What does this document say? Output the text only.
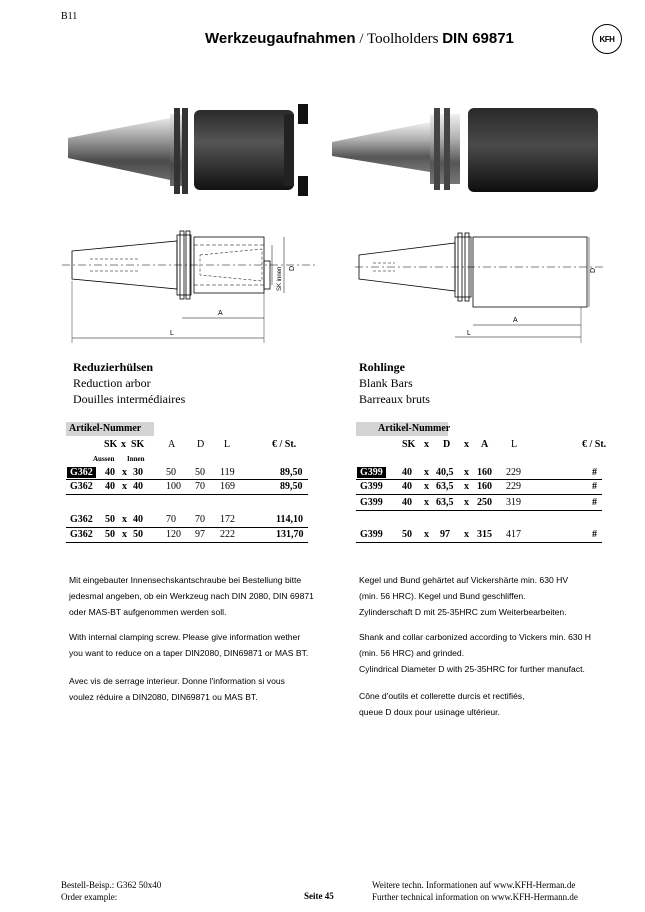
B11
Werkzeugaufnahmen / Toolholders DIN 69871	KFH
A
L
SK innen D
A
L
D
Reduzierhülsen
Reduction arbor
Douilles intermédiaires
Rohlinge
Blank Bars
Barreaux bruts
Artikel-Nummer
SK x SK A D L	€ / St.
Aussen Innen
G362	40 x 30 50 50 119	89,50
G362 40 x 40 100 70 169	89,50
G362 50 x 40 70 70 172	114,10
G362 50 x 50 120 97 222	131,70
Artikel-Nummer
SK x D x A L	€ / St.
G399	40 x 40,5 x 160 229	#
G399 40 x 63,5 x 160 229	#
G399 40 x 63,5 x 250 319	#
G399 50 x 97 x 315 417	#
Mit eingebauter Innensechskantschraube bei Bestellung bitte
jedesmal angeben, ob ein Werkzeug nach DIN 2080, DIN 69871
oder MAS-BT aufgenommen werden soll.
With internal clamping screw. Please give information wether
you want to reduce on a taper DIN2080, DIN69871 or MAS BT.
Avec vis de serrage interieur. Donne l'information si vous
voulez réduire a DIN2080, DIN69871 ou MAS BT.
Kegel und Bund gehärtet auf Vickershärte min. 630 HV
(min. 56 HRC). Kegel und Bund geschliffen.
Zylinderschaft D mit 25-35HRC zum Weiterbearbeiten.
Shank and collar carbonized according to Vickers min. 630 H
(min. 56 HRC) and grinded.
Cylindrical Diameter D with 25-35HRC for further manufact.
Cône d'outils et collerette durcis et rectifiés,
queue D doux pour usinage ultérieur.
Bestell-Beisp.: G362 50x40
Order example:	Seite 45
Weitere techn. Informationen auf www.KFH-Herman.de
Further technical information on www.KFH-Hermann.de
